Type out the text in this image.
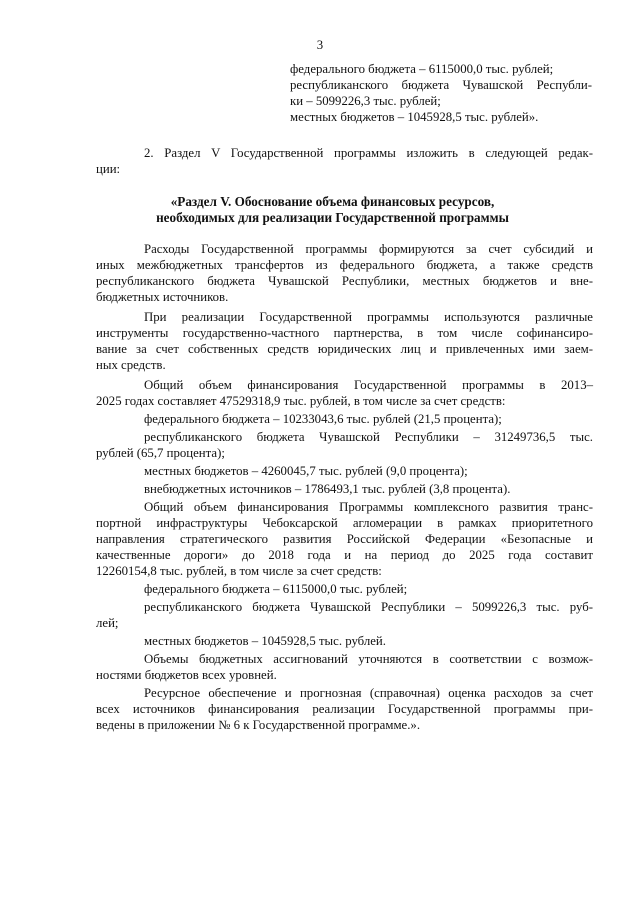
3
федерального бюджета – 6115000,0 тыс. рублей;
республиканского бюджета Чувашской Республи-
ки – 5099226,3 тыс. рублей;
местных бюджетов – 1045928,5 тыс. рублей».
2. Раздел V Государственной программы изложить в следующей редак-
ции:
«Раздел V. Обоснование объема финансовых ресурсов,
необходимых для реализации Государственной программы
Расходы Государственной программы формируются за счет субсидий и
иных межбюджетных трансфертов из федерального бюджета, а также средств
республиканского бюджета Чувашской Республики, местных бюджетов и вне-
бюджетных источников.
При реализации Государственной программы используются различные
инструменты государственно-частного партнерства, в том числе софинансиро-
вание за счет собственных средств юридических лиц и привлеченных ими заем-
ных средств.
Общий объем финансирования Государственной программы в 2013–
2025 годах составляет 47529318,9 тыс. рублей, в том числе за счет средств:
федерального бюджета – 10233043,6 тыс. рублей (21,5 процента);
республиканского бюджета Чувашской Республики – 31249736,5 тыс.
рублей (65,7 процента);
местных бюджетов – 4260045,7 тыс. рублей (9,0 процента);
внебюджетных источников – 1786493,1 тыс. рублей (3,8 процента).
Общий объем финансирования Программы комплексного развития транс-
портной инфраструктуры Чебоксарской агломерации в рамках приоритетного
направления стратегического развития Российской Федерации «Безопасные и
качественные дороги» до 2018 года и на период до 2025 года составит
12260154,8 тыс. рублей, в том числе за счет средств:
федерального бюджета – 6115000,0 тыс. рублей;
республиканского бюджета Чувашской Республики – 5099226,3 тыс. руб-
лей;
местных бюджетов – 1045928,5 тыс. рублей.
Объемы бюджетных ассигнований уточняются в соответствии с возмож-
ностями бюджетов всех уровней.
Ресурсное обеспечение и прогнозная (справочная) оценка расходов за счет
всех источников финансирования реализации Государственной программы при-
ведены в приложении № 6 к Государственной программе.».
